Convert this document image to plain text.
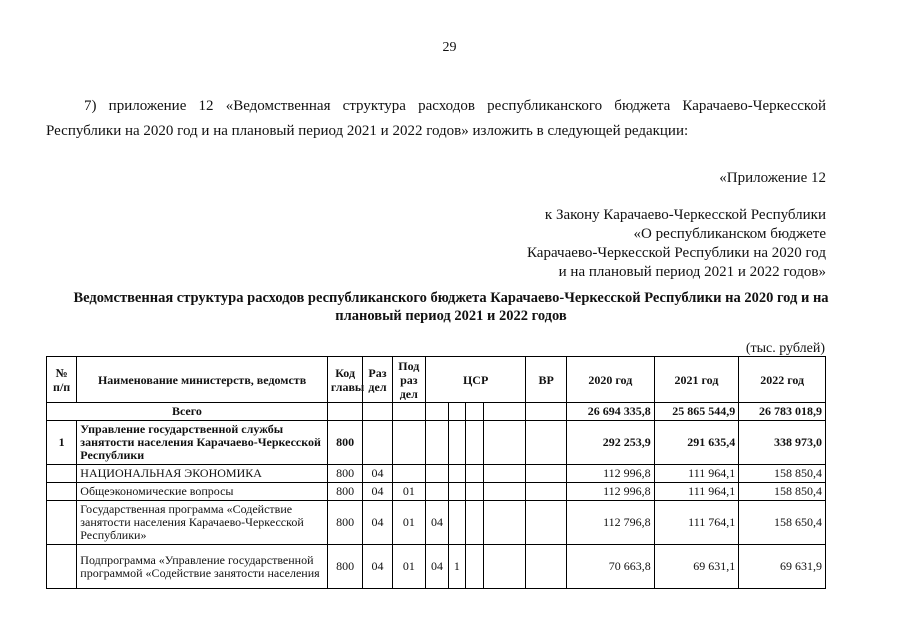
29
7) приложение 12 «Ведомственная структура расходов республиканского бюджета Карачаево-Черкесской Республики на 2020 год и на плановый период 2021 и 2022 годов» изложить в следующей редакции:
«Приложение 12
к Закону Карачаево-Черкесской Республики
«О республиканском бюджете
Карачаево-Черкесской Республики на 2020 год
и на плановый период 2021 и 2022 годов»
Ведомственная структура расходов республиканского бюджета Карачаево-Черкесской Республики на 2020 год и на плановый период 2021 и 2022 годов
(тыс. рублей)
№ п/п	Наименование министерств, ведомств	Код главы	Раз дел	Под раз дел	ЦСР				ВР	2020 год	2021 год	2022 год
Всего										26 694 335,8	25 865 544,9	26 783 018,9
1	Управление государственной службы занятости населения Карачаево-Черкесской Республики	800								292 253,9	291 635,4	338 973,0
	НАЦИОНАЛЬНАЯ ЭКОНОМИКА	800	04							112 996,8	111 964,1	158 850,4
	Общеэкономические вопросы	800	04	01						112 996,8	111 964,1	158 850,4
	Государственная программа «Содействие занятости населения Карачаево-Черкесской Республики»	800	04	01	04					112 796,8	111 764,1	158 650,4
	Подпрограмма «Управление государственной программой «Содействие занятости населения	800	04	01	04	1				70 663,8	69 631,1	69 631,9
